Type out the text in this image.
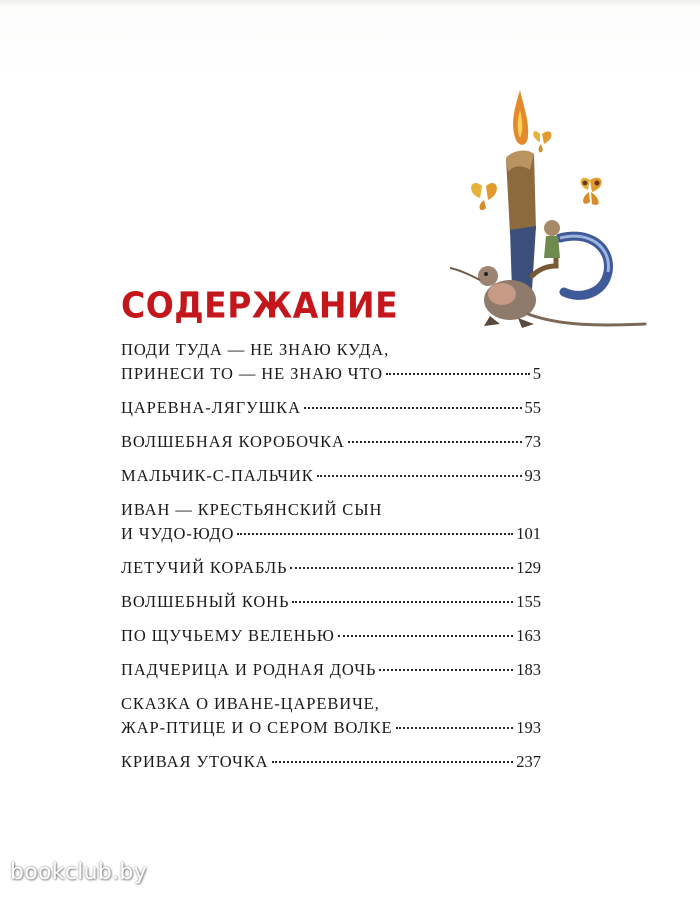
СОДЕРЖАНИЕ
ПОДИ ТУДА — НЕ ЗНАЮ КУДА,
ПРИНЕСИ ТО — НЕ ЗНАЮ ЧТО	5
ЦАРЕВНА-ЛЯГУШКА	55
ВОЛШЕБНАЯ КОРОБОЧКА	73
МАЛЬЧИК-С-ПАЛЬЧИК	93
ИВАН — КРЕСТЬЯНСКИЙ СЫН
И ЧУДО-ЮДО	101
ЛЕТУЧИЙ КОРАБЛЬ	129
ВОЛШЕБНЫЙ КОНЬ	155
ПО ЩУЧЬЕМУ ВЕЛЕНЬЮ	163
ПАДЧЕРИЦА И РОДНАЯ ДОЧЬ	183
СКАЗКА О ИВАНЕ-ЦАРЕВИЧЕ,
ЖАР-ПТИЦЕ И О СЕРОМ ВОЛКЕ	193
КРИВАЯ УТОЧКА	237
bookclub.by
